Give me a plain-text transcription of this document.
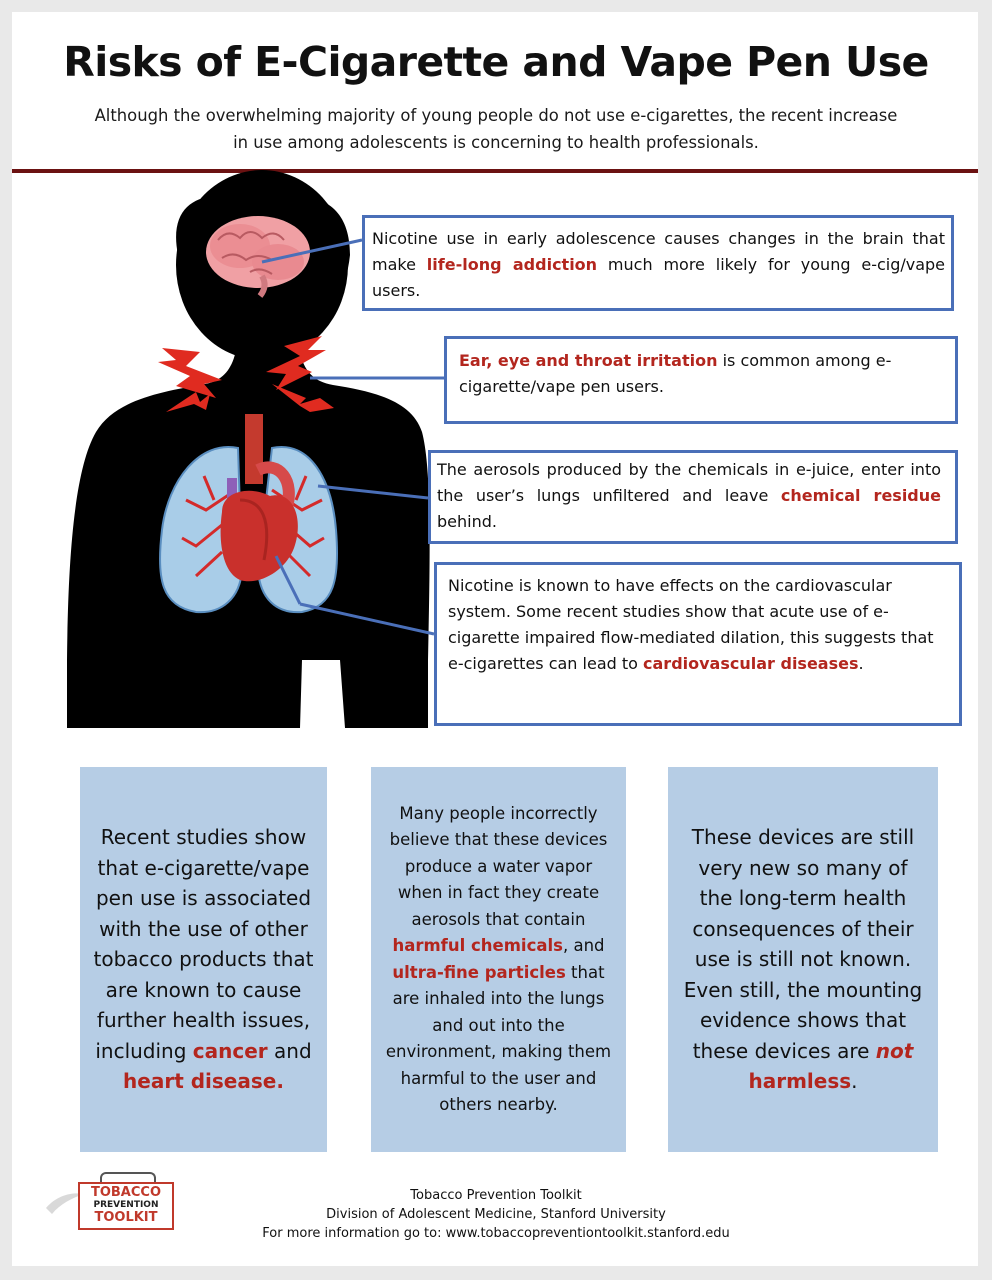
Risks of E-Cigarette and Vape Pen Use
Although the overwhelming majority of young people do not use e-cigarettes, the recent increase in use among adolescents is concerning to health professionals.
Nicotine use in early adolescence causes changes in the brain that make life-long addiction much more likely for young e-cig/vape users.
Ear, eye and throat irritation is common among e-cigarette/vape pen users.
The aerosols produced by the chemicals in e-juice, enter into the user’s lungs unfiltered and leave chemical residue behind.
Nicotine is known to have effects on the cardiovascular system. Some recent studies show that acute use of e-cigarette impaired flow-mediated dilation, this suggests that e-cigarettes can lead to cardiovascular diseases.
Recent studies show that e-cigarette/vape pen use is associated with the use of other tobacco products that are known to cause further health issues, including cancer and heart disease.
Many people incorrectly believe that these devices produce a water vapor when in fact they create aerosols that contain harmful chemicals, and ultra-fine particles that are inhaled into the lungs and out into the environment, making them harmful to the user and others nearby.
These devices are still very new so many of the long-term health consequences of their use is still not known. Even still, the mounting evidence shows that these devices are not harmless.
TOBACCO
PREVENTION
TOOLKIT
Tobacco Prevention Toolkit
Division of Adolescent Medicine, Stanford University
For more information go to: www.tobaccopreventiontoolkit.stanford.edu
